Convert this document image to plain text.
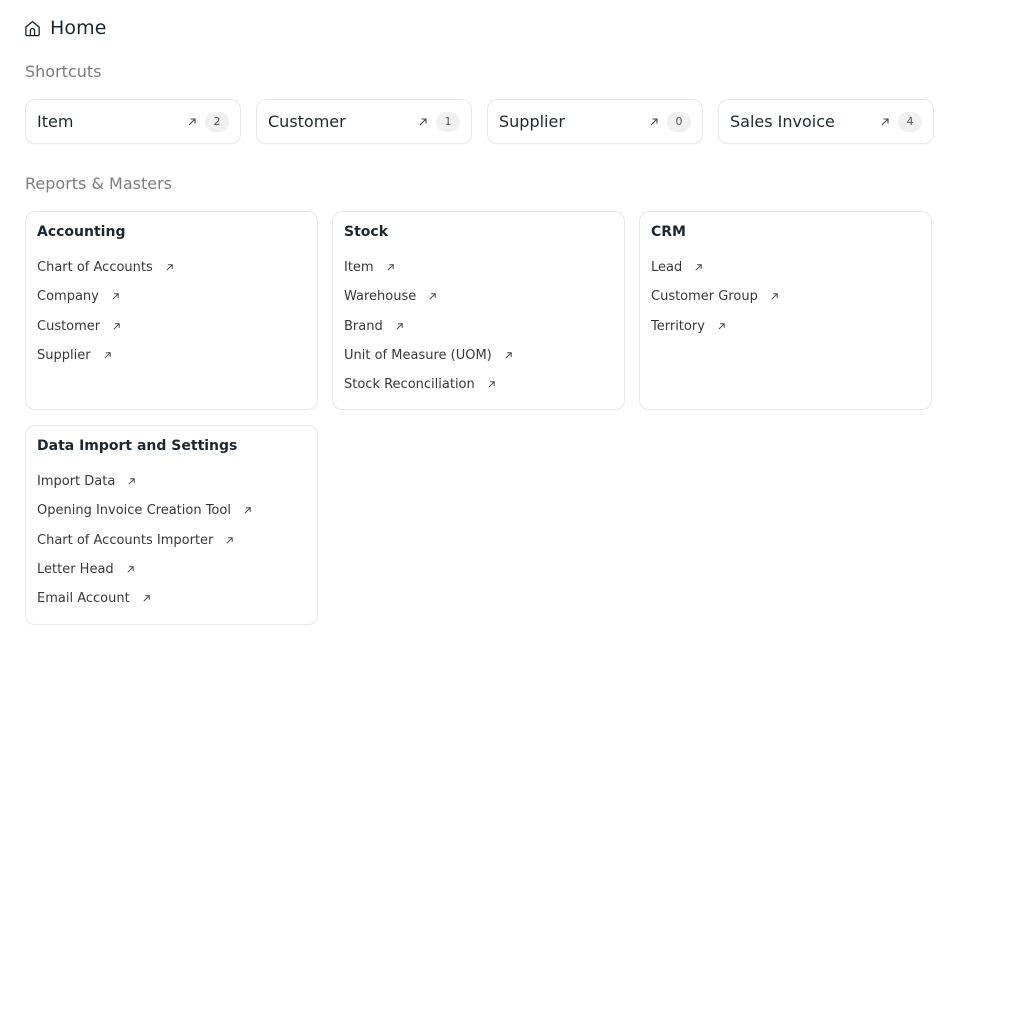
Home
Shortcuts
Item	2	Customer	1	Supplier	0	Sales Invoice	4
Reports & Masters
Accounting
Chart of Accounts
Company
Customer
Supplier
Stock
Item
Warehouse
Brand
Unit of Measure (UOM)
Stock Reconciliation
CRM
Lead
Customer Group
Territory
Data Import and Settings
Import Data
Opening Invoice Creation Tool
Chart of Accounts Importer
Letter Head
Email Account
